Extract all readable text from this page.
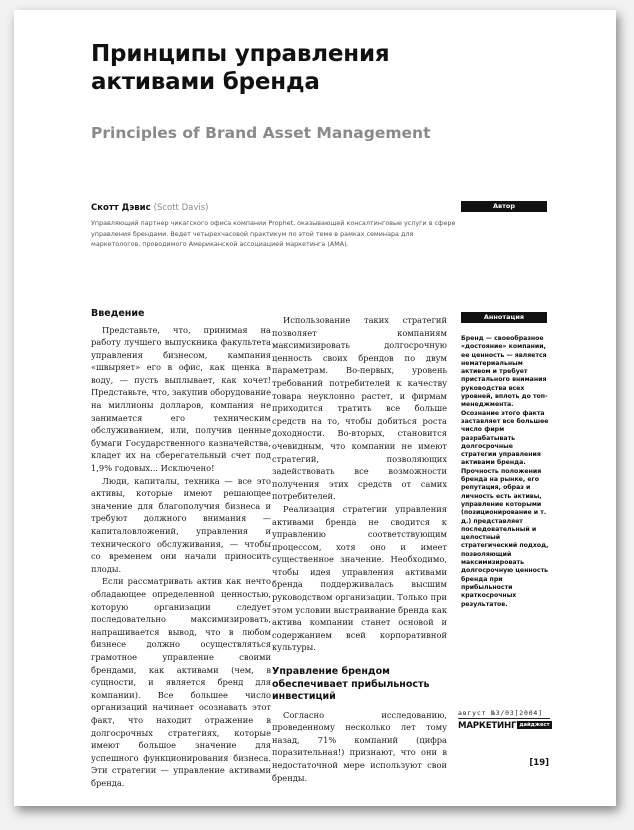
Принципы управления
активами бренда
Principles of Brand Asset Management
Скотт Дэвис (Scott Davis)	Автор
Управляющий партнер чикагского офиса компании Prophet, оказывающей консалтинговые услуги в сфере управления брендами. Ведет четырехчасовой практикум по этой теме в рамках семинара для маркетологов, проводимого Американской ассоциацией маркетинга (AMA).
Введение

Представьте, что, принимая на работу лучшего выпускника факультета управления бизнесом, кампания «швыряет» его в офис, как щенка в воду, — пусть выплывает, как хочет! Представьте, что, закупив оборудование на миллионы долларов, компания не занимается его техническим обслуживанием, или, получив ценные бумаги Государственного казначейства, кладет их на сберегательный счет под 1,9% годовых... Исключено!

Люди, капиталы, техника — все это активы, которые имеют решающее значение для благополучия бизнеса и требуют должного внимания — капиталовложений, управления и технического обслуживания, — чтобы со временем они начали приносить плоды.

Если рассматривать актив как нечто обладающее определенной ценностью, которую организации следует последовательно максимизировать, напрашивается вывод, что в любом бизнесе должно осуществляться грамотное управление своими брендами, как активами (чем, в сущности, и является бренд для компании). Все большее число организаций начинает осознавать этот факт, что находит отражение в долгосрочных стратегиях, которые имеют большое значение для успешного функционирования бизнеса. Эти стратегии — управление активами бренда.

Использование таких стратегий позволяет компаниям максимизировать долгосрочную ценность своих брендов по двум параметрам. Во-первых, уровень требований потребителей к качеству товара неуклонно растет, и фирмам приходится тратить все больше средств на то, чтобы добиться роста доходности. Во-вторых, становится очевидным, что компании не имеют стратегий, позволяющих задействовать все возможности получения этих средств от самих потребителей.

Реализация стратегии управления активами бренда не сводится к управлению соответствующим процессом, хотя оно и имеет существенное значение. Необходимо, чтобы идея управления активами бренда поддерживалась высшим руководством организации. Только при этом условии выстраивание бренда как актива компании станет основой и содержанием всей корпоративной культуры.

Управление брендом обеспечивает прибыльность инвестиций

Согласно исследованию, проведенному несколько лет тому назад, 71% компаний (цифра поразительная!) признают, что они в недостаточной мере используют свои бренды.

Аннотация

Бренд — своеобразное «достояние» компании, ее ценность — является нематериальным активом и требует пристального внимания руководства всех уровней, вплоть до топ-менеджмента. Осознание этого факта заставляет все большее число фирм разрабатывать долгосрочные стратегии управления активами бренда. Прочность положения бренда на рынке, его репутация, образ и личность есть активы, управление которыми (позиционирование и т. д.) представляет последовательный и целостный стратегический подход, позволяющий максимизировать долгосрочную ценность бренда при прибыльности краткосрочных результатов.

август №3/03[2004]
МАРКЕТИНГ дайджест
[19]
